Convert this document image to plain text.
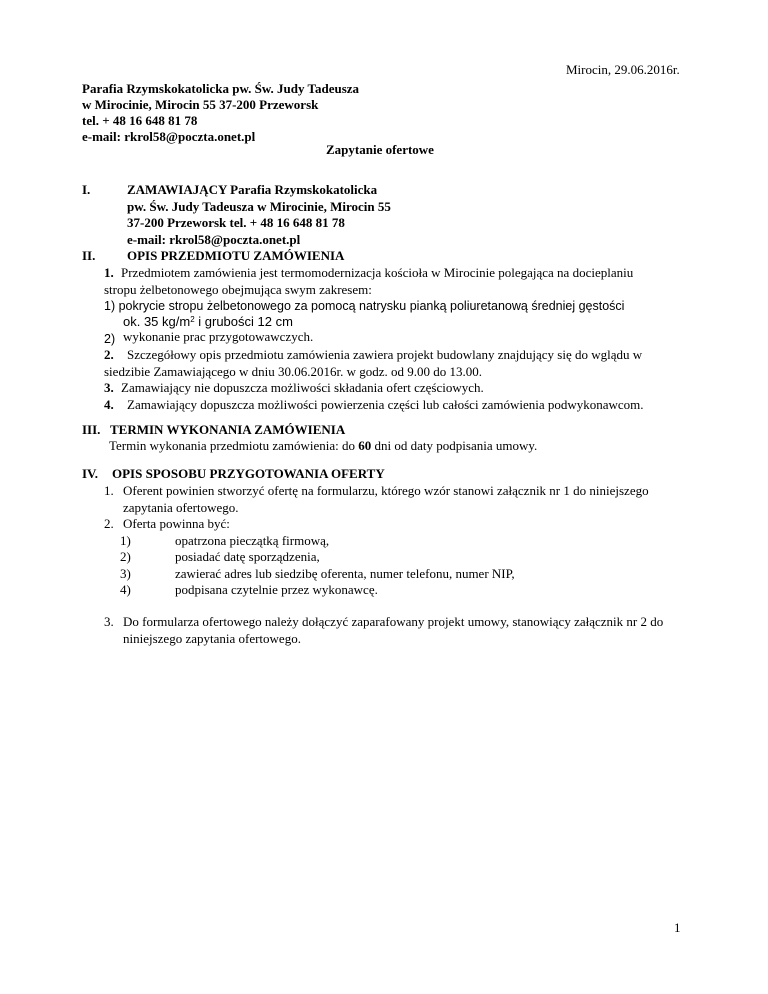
Mirocin, 29.06.2016r.
Parafia Rzymskokatolicka pw. Św. Judy Tadeusza
w Mirocinie, Mirocin 55 37-200 Przeworsk
tel. + 48 16 648 81 78
e-mail: rkrol58@poczta.onet.pl
Zapytanie ofertowe
I.	ZAMAWIAJĄCY Parafia Rzymskokatolicka
pw. Św. Judy Tadeusza w Mirocinie, Mirocin 55
37-200 Przeworsk tel. + 48 16 648 81 78
e-mail: rkrol58@poczta.onet.pl
II. OPIS PRZEDMIOTU ZAMÓWIENIA
1. Przedmiotem zamówienia jest termomodernizacja kościoła w Mirocinie polegająca na docieplaniu
stropu żelbetonowego obejmująca swym zakresem:
1) pokrycie stropu żelbetonowego za pomocą natrysku pianką poliuretanową średniej gęstości
ok. 35 $kg/m^2$ i grubości 12 cm
2) wykonanie prac przygotowawczych.
2. Szczegółowy opis przedmiotu zamówienia zawiera projekt budowlany znajdujący się do wglądu w
siedzibie Zamawiającego w dniu 30.06.2016r. w godz. od 9.00 do 13.00.
3. Zamawiający nie dopuszcza możliwości składania ofert częściowych.
4. Zamawiający dopuszcza możliwości powierzenia części lub całości zamówienia podwykonawcom.
III. TERMIN WYKONANIA ZAMÓWIENIA
Termin wykonania przedmiotu zamówienia: do 60 dni od daty podpisania umowy.
IV. OPIS SPOSOBU PRZYGOTOWANIA OFERTY
1. Oferent powinien stworzyć ofertę na formularzu, którego wzór stanowi załącznik nr 1 do niniejszego
zapytania ofertowego.
2. Oferta powinna być:
1)	opatrzona pieczątką firmową,
2)	posiadać datę sporządzenia,
3)	zawierać adres lub siedzibę oferenta, numer telefonu, numer NIP,
4)	podpisana czytelnie przez wykonawcę.
3. Do formularza ofertowego należy dołączyć zaparafowany projekt umowy, stanowiący załącznik nr 2 do
niniejszego zapytania ofertowego.
1
